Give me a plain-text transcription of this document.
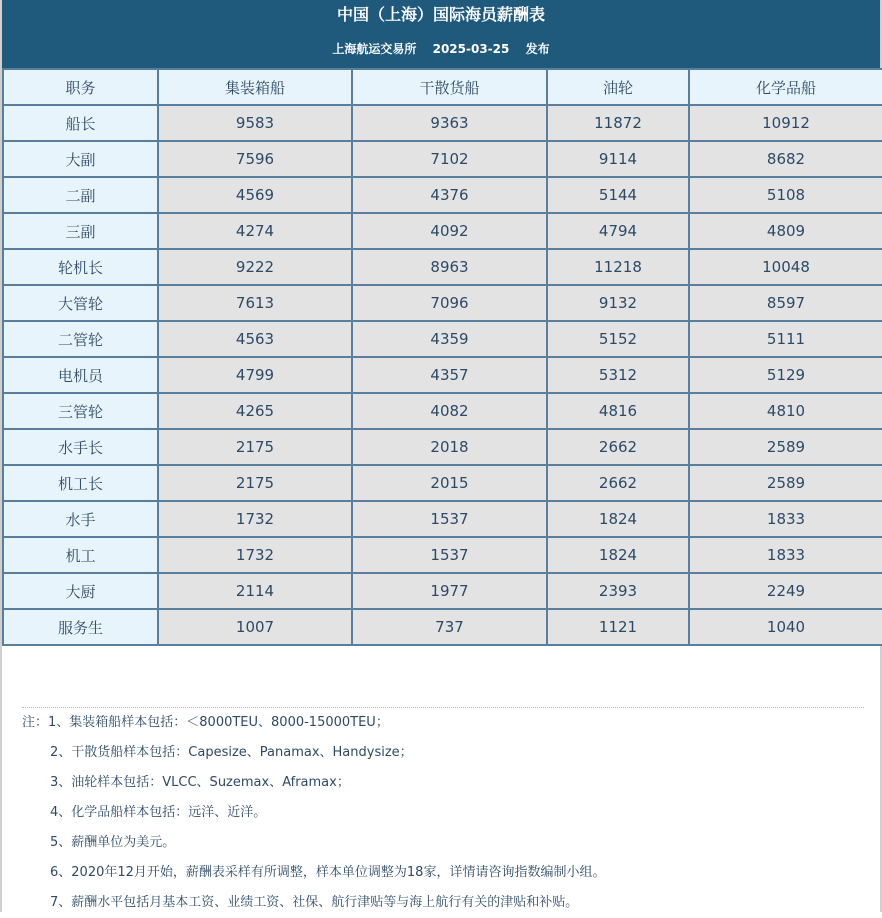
中国（上海）国际海员薪酬表
上海航运交易所 2025-03-25 发布
职务	集装箱船	干散货船	油轮	化学品船
船长	9583	9363	11872	10912
大副	7596	7102	9114	8682
二副	4569	4376	5144	5108
三副	4274	4092	4794	4809
轮机长	9222	8963	11218	10048
大管轮	7613	7096	9132	8597
二管轮	4563	4359	5152	5111
电机员	4799	4357	5312	5129
三管轮	4265	4082	4816	4810
水手长	2175	2018	2662	2589
机工长	2175	2015	2662	2589
水手	1732	1537	1824	1833
机工	1732	1537	1824	1833
大厨	2114	1977	2393	2249
服务生	1007	737	1121	1040
注：1、集装箱船样本包括：＜8000TEU、8000-15000TEU；
2、干散货船样本包括：Capesize、Panamax、Handysize；
3、油轮样本包括：VLCC、Suzemax、Aframax；
4、化学品船样本包括：远洋、近洋。
5、薪酬单位为美元。
6、2020年12月开始，薪酬表采样有所调整，样本单位调整为18家，详情请咨询指数编制小组。
7、薪酬水平包括月基本工资、业绩工资、社保、航行津贴等与海上航行有关的津贴和补贴。
